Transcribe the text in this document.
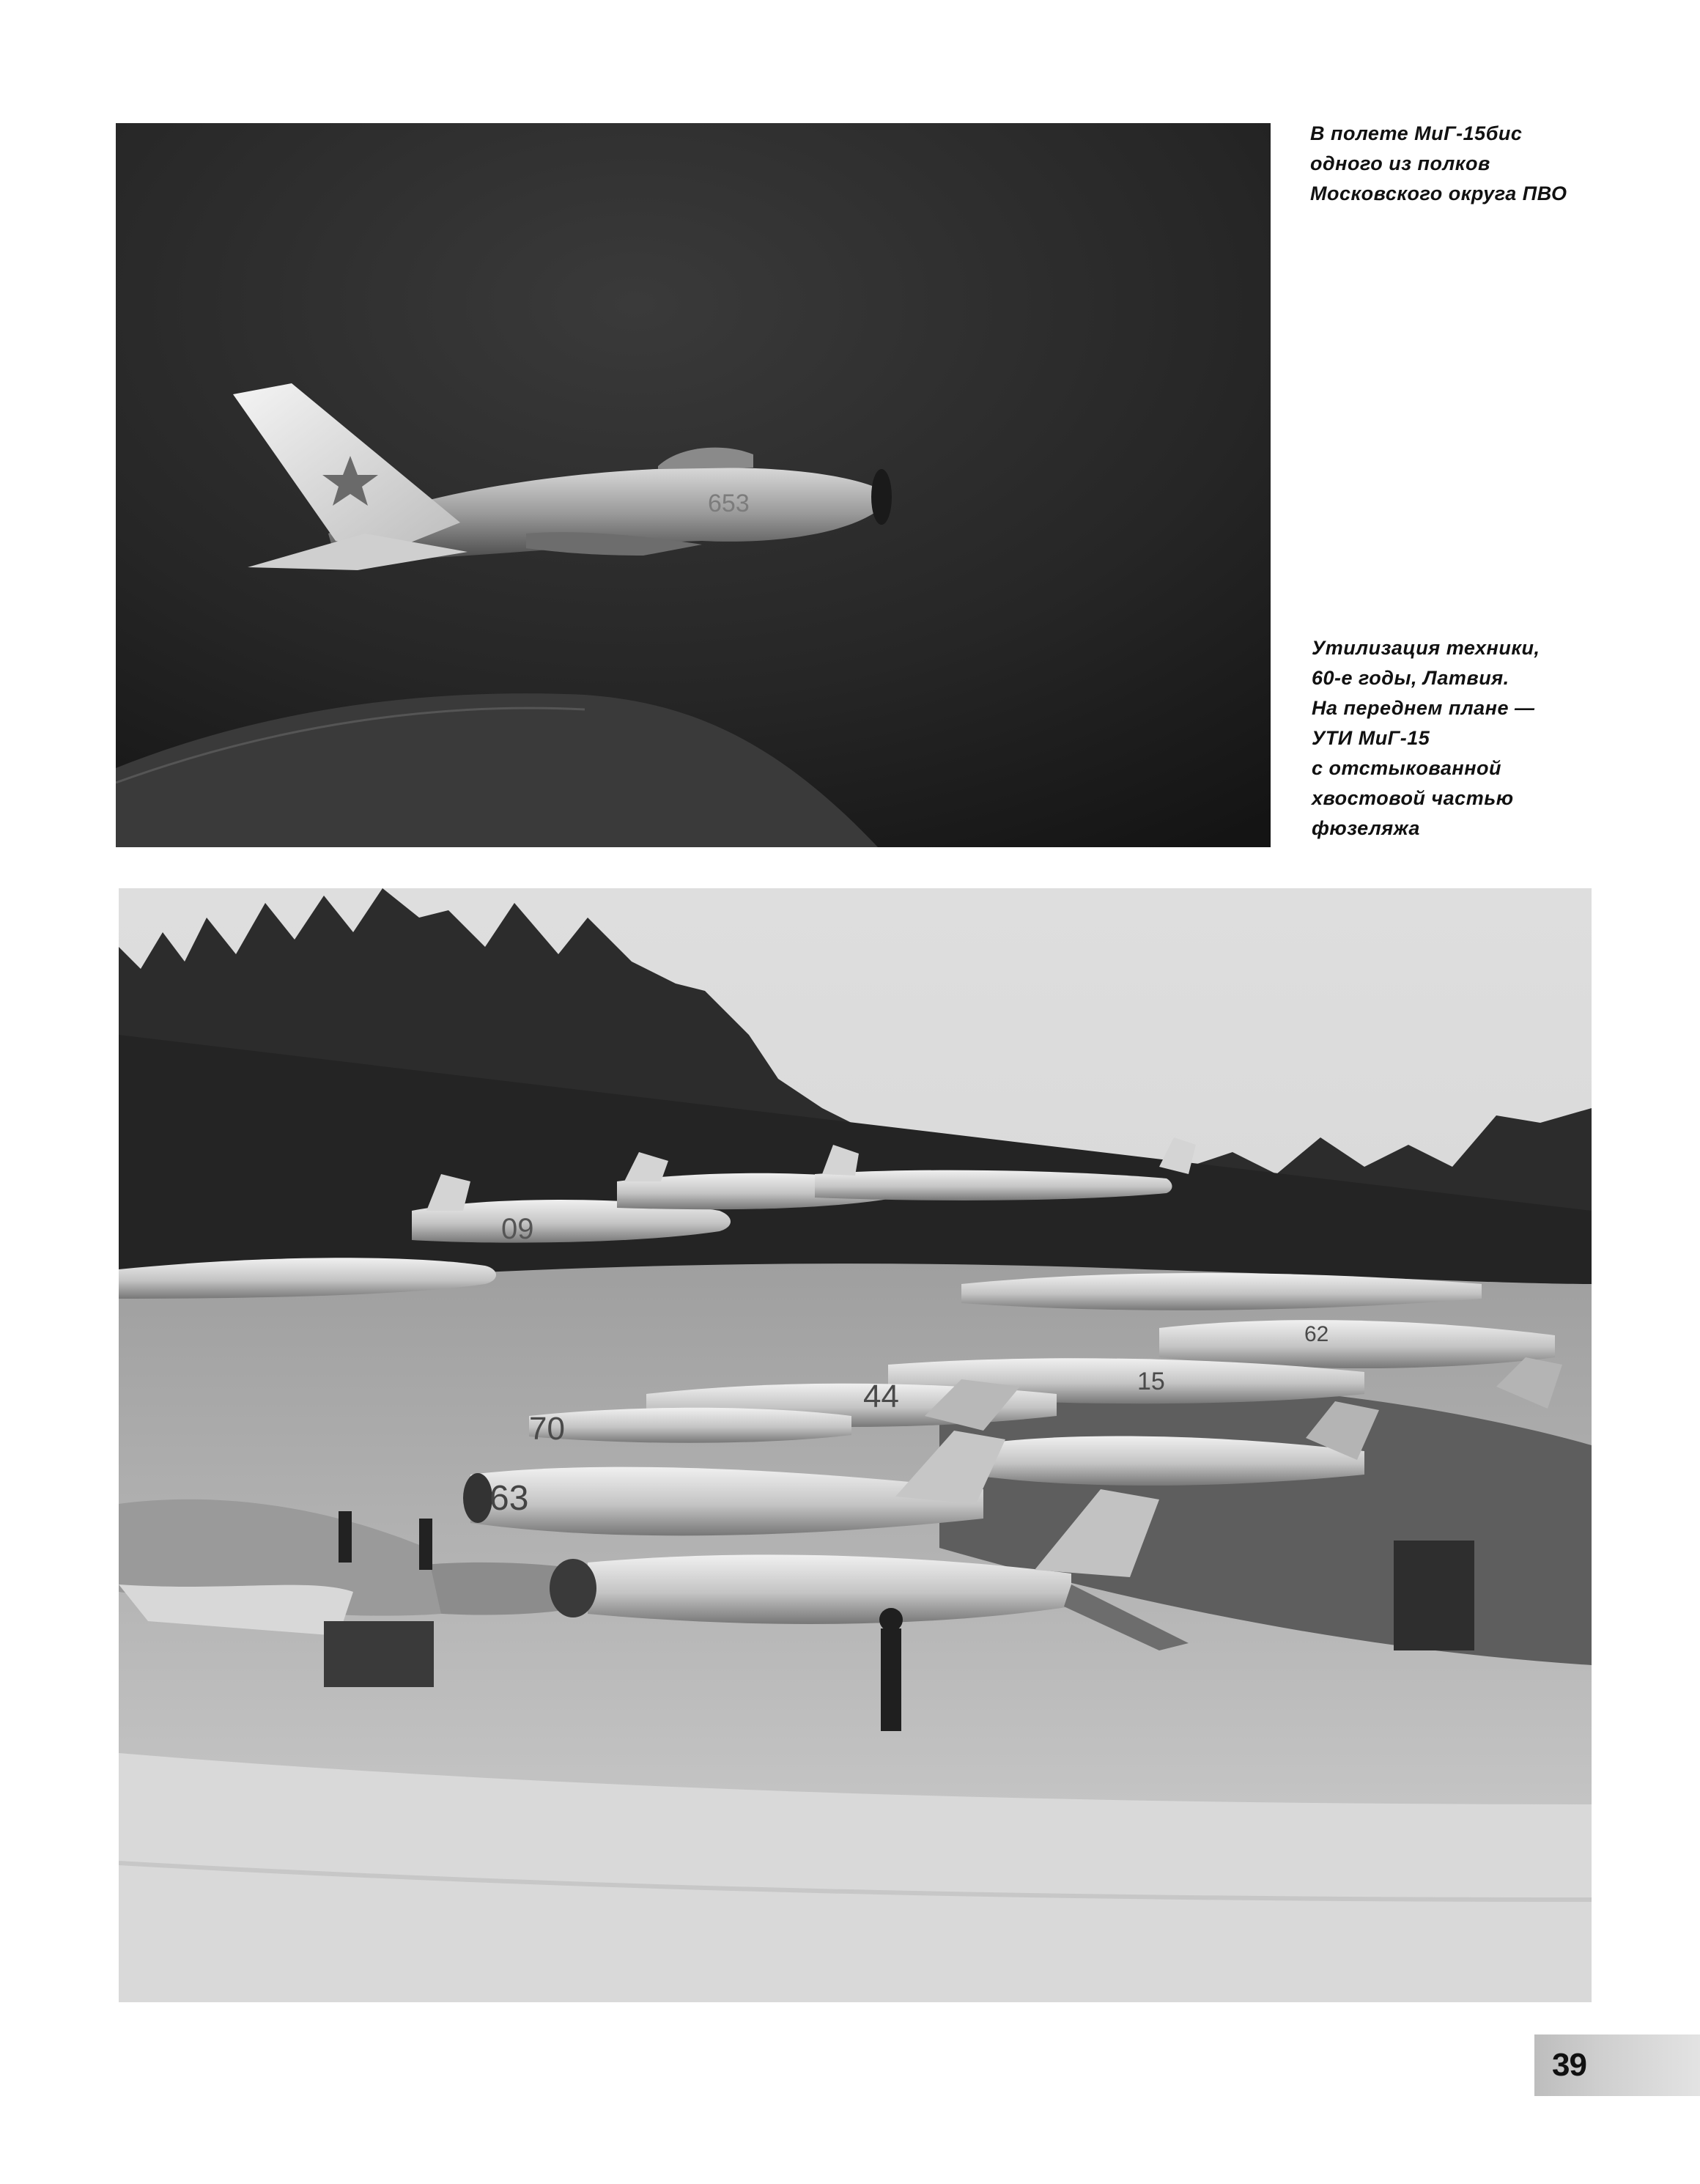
653
09
70
44	15
62
63
В полете МиГ-15бис
одного из полков
Московского округа ПВО
Утилизация техники,
60-е годы, Латвия.
На переднем плане —
УТИ МиГ-15
с отстыкованной
хвостовой частью
фюзеляжа
39
